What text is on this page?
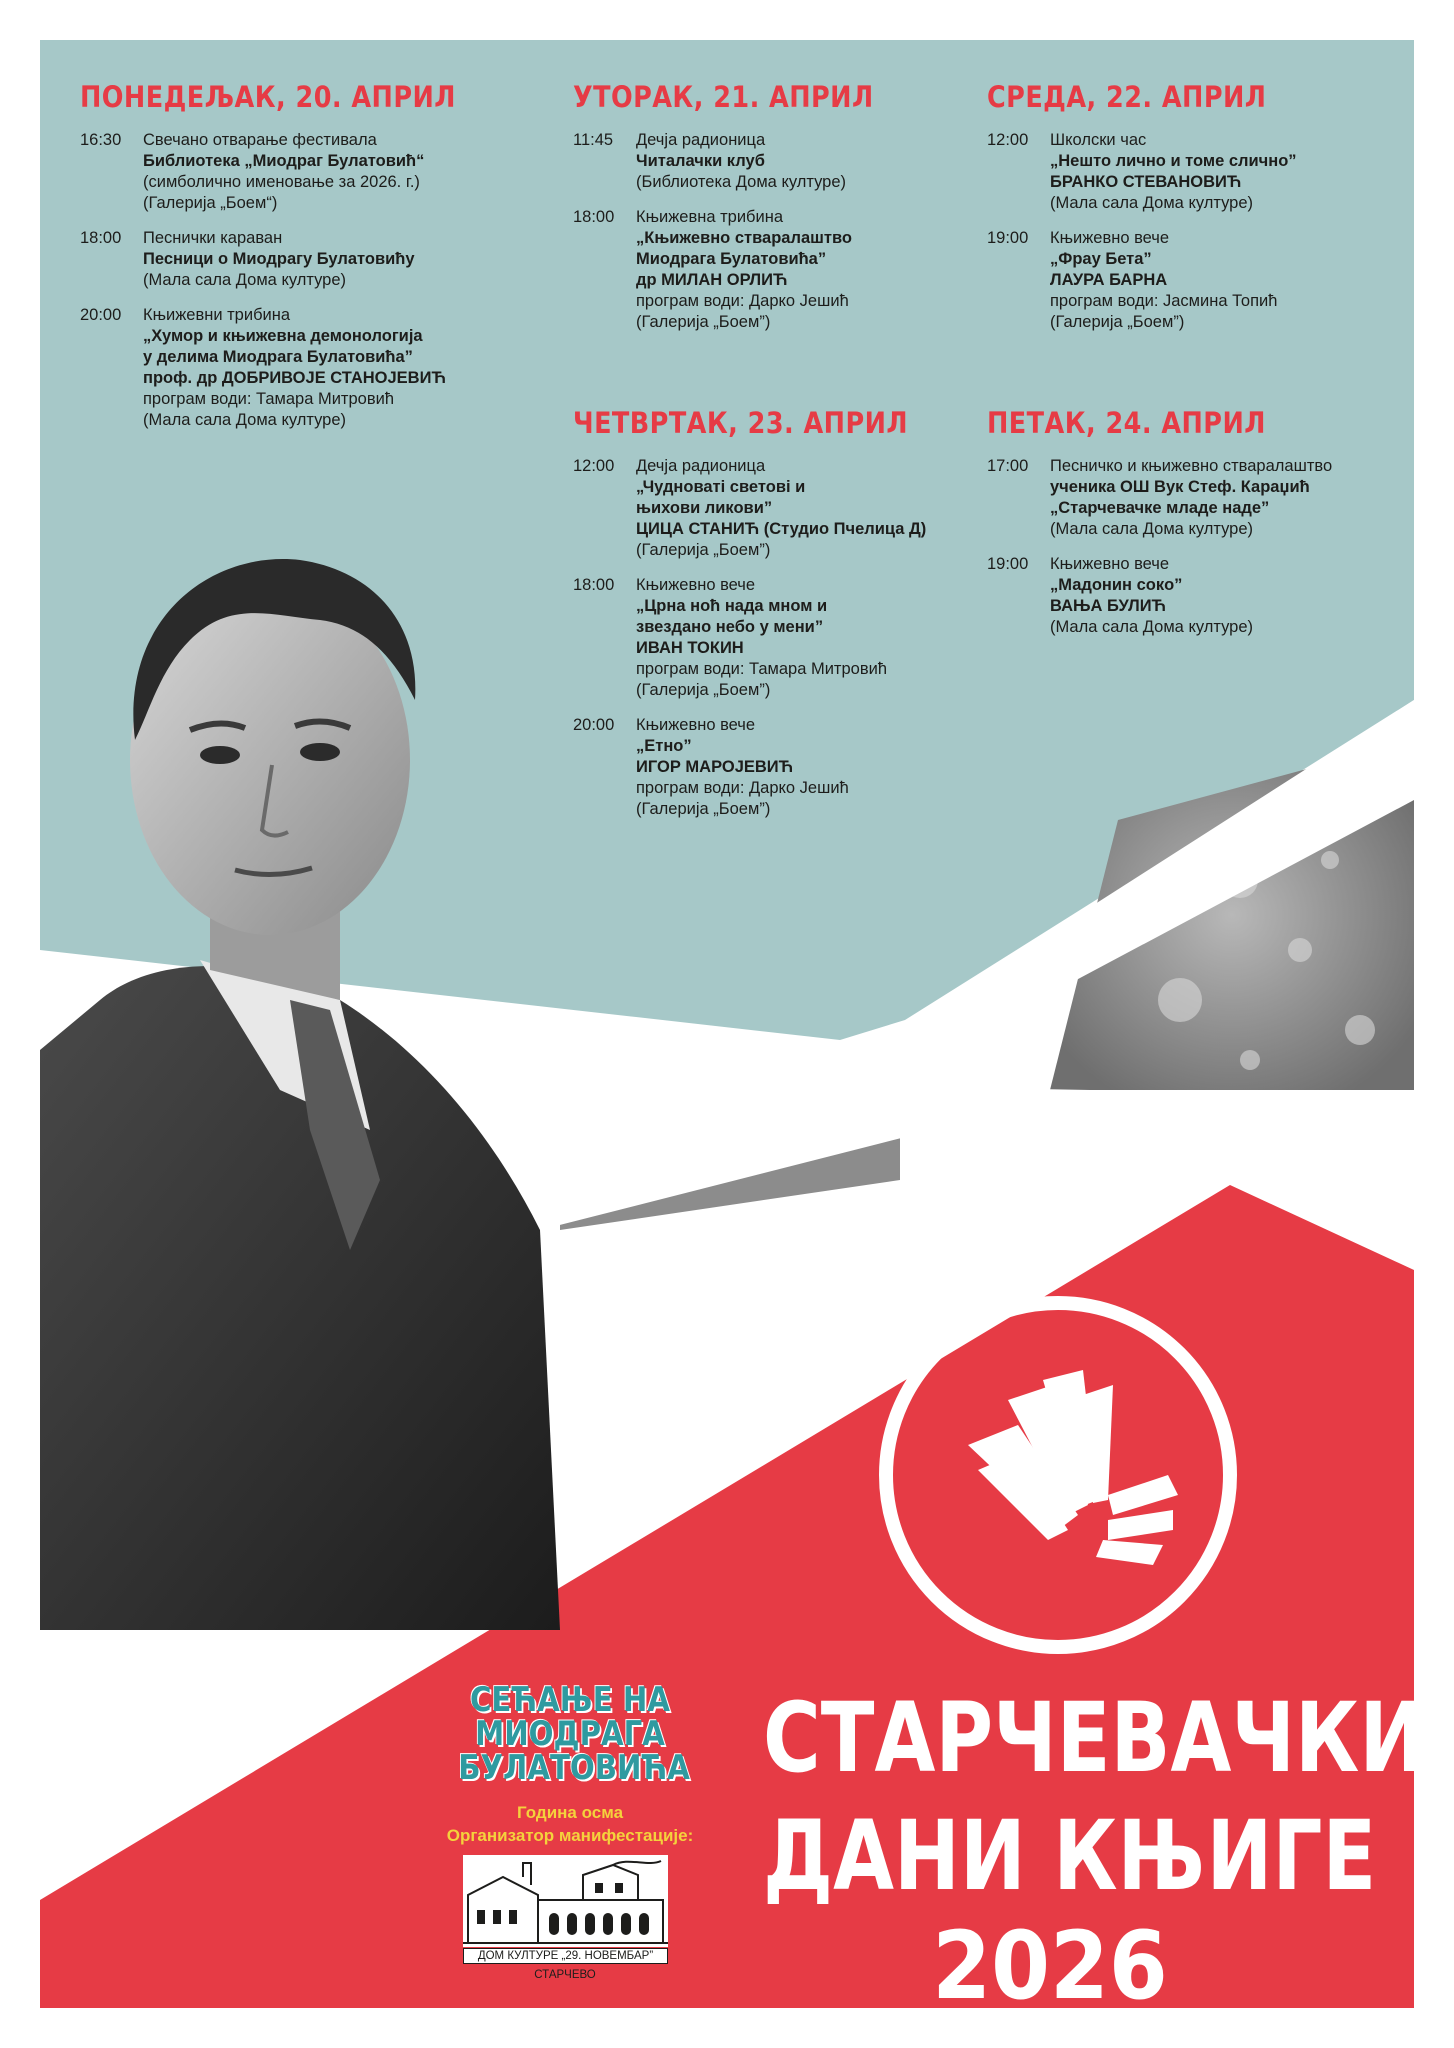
ПОНЕДЕЉАК, 20. АПРИЛ
16:30	Свечано отварање фестивала
Библиотека „Миодраг Булатовић“
(симболично именовање за 2026. г.)
(Галерија „Боем“)
18:00	Песнички караван
Песници о Миодрагу Булатовићу
(Мала сала Дома културе)
20:00	Књижевни трибина
„Хумор и књижевна демонологија
у делима Миодрага Булатовића”
проф. др ДОБРИВОЈЕ СТАНОЈЕВИЋ
програм води: Тамара Митровић
(Мала сала Дома културе)
УТОРАК, 21. АПРИЛ
11:45	Дечја радионица
Читалачки клуб
(Библиотека Дома културе)
18:00	Књижевна трибина
„Књижевно стваралаштво
Миодрага Булатовића”
др МИЛАН ОРЛИЋ
програм води: Дарко Јешић
(Галерија „Боем”)
СРЕДА, 22. АПРИЛ
12:00	Школски час
„Нешто лично и томе слично”
БРАНКО СТЕВАНОВИЋ
(Мала сала Дома културе)
19:00	Књижевно вече
„Фрау Бета”
ЛАУРА БАРНА
програм води: Јасмина Топић
(Галерија „Боем”)
ЧЕТВРТАК, 23. АПРИЛ
12:00	Дечја радионица
„Чудноватi световi и
њихови ликови”
ЦИЦА СТАНИЋ (Студио Пчелица Д)
(Галерија „Боем”)
18:00	Књижевно вече
„Црна ноћ нада мном и
звездано небо у мени”
ИВАН ТОКИН
програм води: Тамара Митровић
(Галерија „Боем”)
20:00	Књижевно вече
„Етно”
ИГОР МАРОЈЕВИЋ
програм води: Дарко Јешић
(Галерија „Боем”)
ПЕТАК, 24. АПРИЛ
17:00	Песничко и књижевно стваралаштво
ученика ОШ Вук Стеф. Караџић
„Старчевачке младе наде”
(Мала сала Дома културе)
19:00	Књижевно вече
„Мадонин сокo”
ВАЊА БУЛИЋ
(Мала сала Дома културе)
СТАРЧЕВАЧКИ
ДАНИ КЊИГЕ
2026
СЕЋАЊЕ НА
МИОДРАГА
БУЛАТОВИЋА
Година осма
Организатор манифестације:
ДОМ КУЛТУРЕ „29. НОВЕМБАР”
СТАРЧЕВО
